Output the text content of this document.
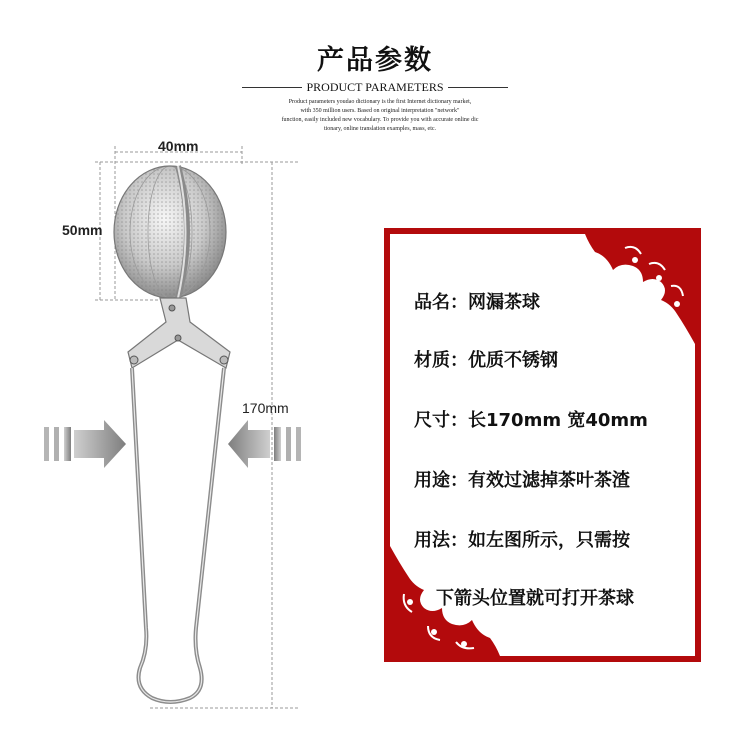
产品参数
PRODUCT PARAMETERS
Product parameters youdao dictionary is the first Internet dictionary market,
with 350 million users. Based on original interpretation "network"
function, easily included new vocabulary. To provide you with accurate online dic
tionary, online translation examples, mass, etc.
40mm
50mm
170mm
品名：网漏茶球
材质：优质不锈钢
尺寸：长170mm 宽40mm
用途：有效过滤掉茶叶茶渣
用法：如左图所示，只需按
下箭头位置就可打开茶球
